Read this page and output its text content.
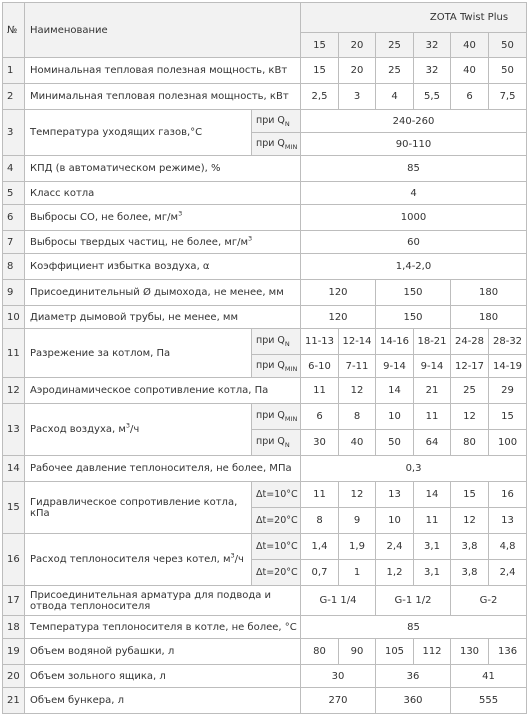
№	Наименование		ZOTA Twist Plus					
			15	20	25	32	40	50
1	Номинальная тепловая полезная мощность, кВт		15	20	25	32	40	50
2	Минимальная тепловая полезная мощность, кВт		2,5	3	4	5,5	6	7,5
3	Температура уходящих газов,°С	при $Q_N$	240-260					
		при $Q_{MIN}$	90-110					
4	КПД (в автоматическом режиме), %		85					
5	Класс котла		4					
6	Выбросы СО, не более, $мг/м^3$		1000					
7	Выбросы твердых частиц, не более, $мг/м^3$		60					
8	Коэффициент избытка воздуха, α		1,4-2,0					
9	Присоединительный Ø дымохода, не менее, мм		120		150		180	
10	Диаметр дымовой трубы, не менее, мм		120		150		180	
11	Разрежение за котлом, Па	при $Q_N$	11-13	12-14	14-16	18-21	24-28	28-32
		при $Q_{MIN}$	6-10	7-11	9-14	9-14	12-17	14-19
12	Аэродинамическое сопротивление котла, Па		11	12	14	21	25	29
13	Расход воздуха, $м^3/ч$	при $Q_{MIN}$	6	8	10	11	12	15
		при $Q_N$	30	40	50	64	80	100
14	Рабочее давление теплоносителя, не более, МПа		0,3					
15	Гидравлическое сопротивление котла, кПа	Δt=10°С	11	12	13	14	15	16
		Δt=20°С	8	9	10	11	12	13
16	Расход теплоносителя через котел, $м^3/ч$	Δt=10°С	1,4	1,9	2,4	3,1	3,8	4,8
		Δt=20°С	0,7	1	1,2	3,1	3,8	2,4
17	Присоединительная арматура для подвода и отвода теплоносителя		G-1 1/4		G-1 1/2		G-2	
18	Температура теплоносителя в котле, не более, °С		85					
19	Объем водяной рубашки, л		80	90	105	112	130	136
20	Объем зольного ящика, л		30		36		41	
21	Объем бункера, л		270		360		555	
